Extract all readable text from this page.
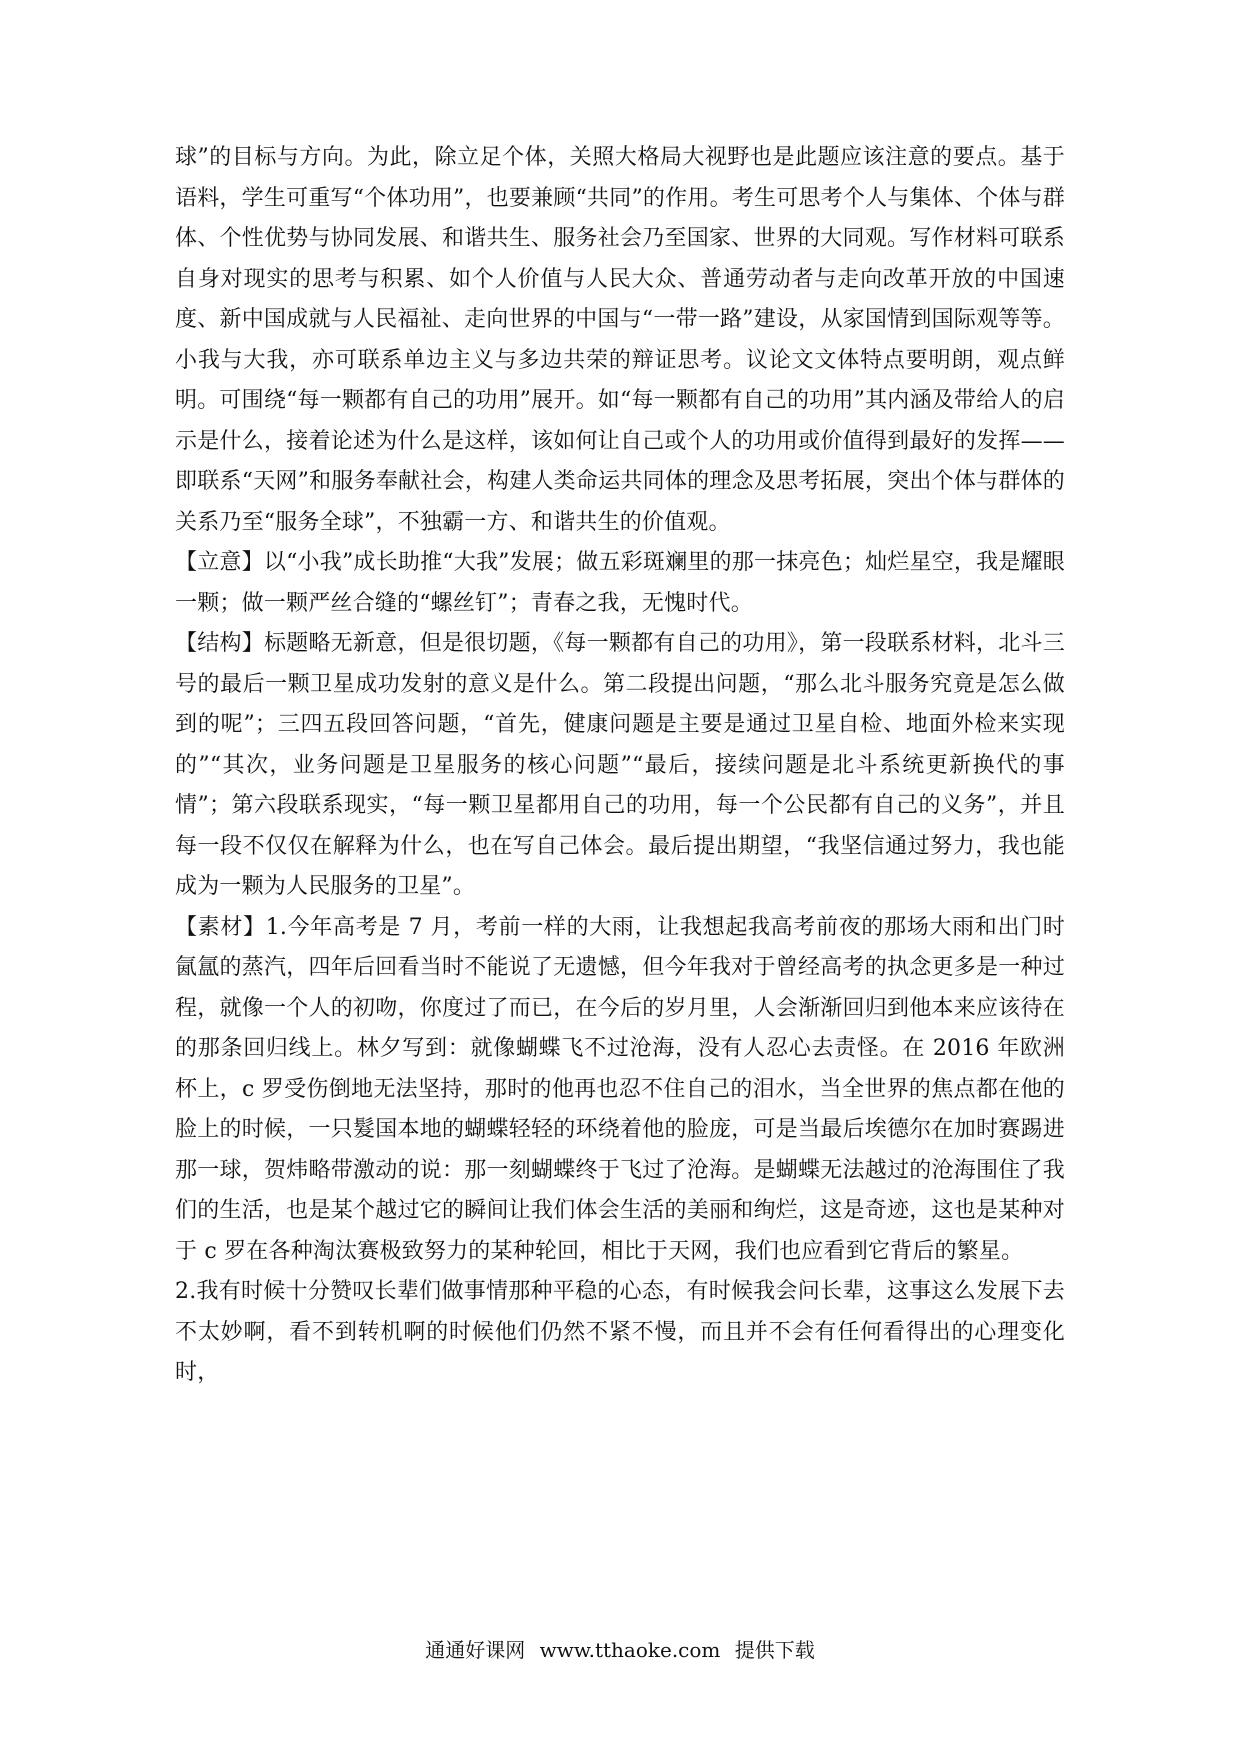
球”的目标与方向。为此，除立足个体，关照大格局大视野也是此题应该注意的要点。基于语料，学生可重写“个体功用”，也要兼顾“共同”的作用。考生可思考个人与集体、个体与群体、个性优势与协同发展、和谐共生、服务社会乃至国家、世界的大同观。写作材料可联系自身对现实的思考与积累、如个人价值与人民大众、普通劳动者与走向改革开放的中国速度、新中国成就与人民福祉、走向世界的中国与“一带一路”建设，从家国情到国际观等等。小我与大我，亦可联系单边主义与多边共荣的辩证思考。议论文文体特点要明朗，观点鲜明。可围绕“每一颗都有自己的功用”展开。如“每一颗都有自己的功用”其内涵及带给人的启示是什么，接着论述为什么是这样，该如何让自己或个人的功用或价值得到最好的发挥——即联系“天网”和服务奉献社会，构建人类命运共同体的理念及思考拓展，突出个体与群体的关系乃至“服务全球”，不独霸一方、和谐共生的价值观。

【立意】以“小我”成长助推“大我”发展；做五彩斑斓里的那一抹亮色；灿烂星空，我是耀眼一颗；做一颗严丝合缝的“螺丝钉”；青春之我，无愧时代。

【结构】标题略无新意，但是很切题，《每一颗都有自己的功用》，第一段联系材料，北斗三号的最后一颗卫星成功发射的意义是什么。第二段提出问题，“那么北斗服务究竟是怎么做到的呢”；三四五段回答问题，“首先，健康问题是主要是通过卫星自检、地面外检来实现的”“其次，业务问题是卫星服务的核心问题”“最后，接续问题是北斗系统更新换代的事情”；第六段联系现实，“每一颗卫星都用自己的功用，每一个公民都有自己的义务”，并且每一段不仅仅在解释为什么，也在写自己体会。最后提出期望，“我坚信通过努力，我也能成为一颗为人民服务的卫星”。

【素材】1.今年高考是 7 月，考前一样的大雨，让我想起我高考前夜的那场大雨和出门时氤氲的蒸汽，四年后回看当时不能说了无遗憾，但今年我对于曾经高考的执念更多是一种过程，就像一个人的初吻，你度过了而已，在今后的岁月里，人会渐渐回归到他本来应该待在的那条回归线上。林夕写到：就像蝴蝶飞不过沧海，没有人忍心去责怪。在 2016 年欧洲杯上，c 罗受伤倒地无法坚持，那时的他再也忍不住自己的泪水，当全世界的焦点都在他的脸上的时候，一只髮国本地的蝴蝶轻轻的环绕着他的脸庞，可是当最后埃德尔在加时赛踢进那一球，贺炜略带激动的说：那一刻蝴蝶终于飞过了沧海。是蝴蝶无法越过的沧海围住了我们的生活，也是某个越过它的瞬间让我们体会生活的美丽和绚烂，这是奇迹，这也是某种对于 c 罗在各种淘汰赛极致努力的某种轮回，相比于天网，我们也应看到它背后的繁星。

2.我有时候十分赞叹长辈们做事情那种平稳的心态，有时候我会问长辈，这事这么发展下去不太妙啊，看不到转机啊的时候他们仍然不紧不慢，而且并不会有任何看得出的心理变化时，

通通好课网 www.tthaoke.com 提供下载
